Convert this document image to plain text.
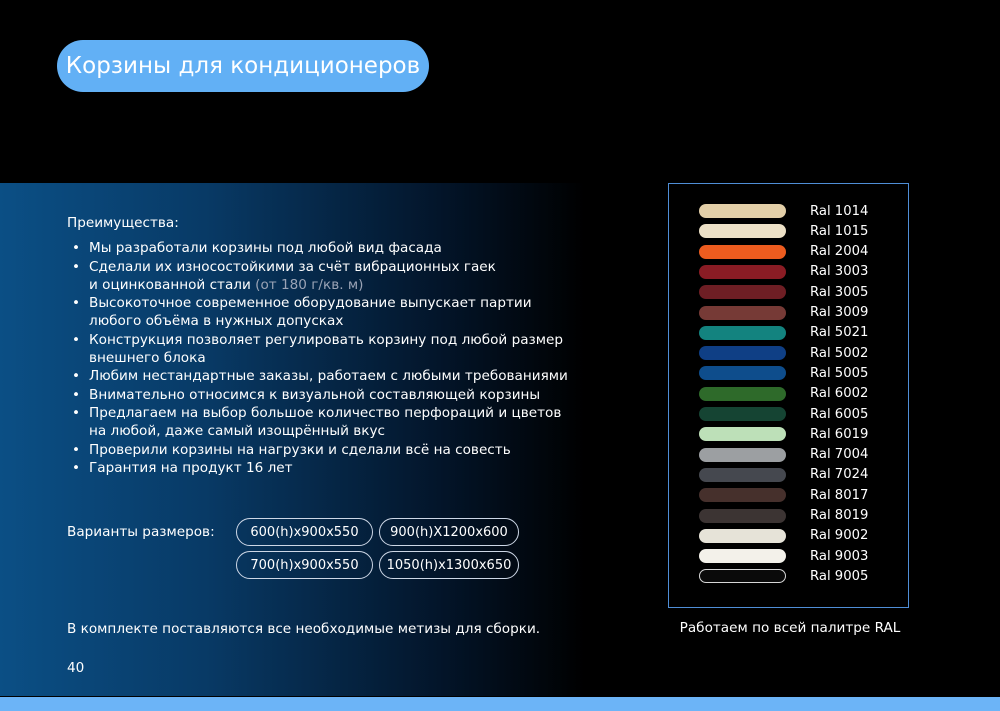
Корзины для кондиционеров
Преимущества:
• Мы разработали корзины под любой вид фасада
• Сделали их износостойкими за счёт вибрационных гаек
и оцинкованной стали (от 180 г/кв. м)
• Высокоточное современное оборудование выпускает партии
любого объёма в нужных допусках
• Конструкция позволяет регулировать корзину под любой размер
внешнего блока
• Любим нестандартные заказы, работаем с любыми требованиями
• Внимательно относимся к визуальной составляющей корзины
• Предлагаем на выбор большое количество перфораций и цветов
на любой, даже самый изощрённый вкус
• Проверили корзины на нагрузки и сделали всё на совесть
• Гарантия на продукт 16 лет
Варианты размеров:	600(h)x900x550	900(h)X1200x600
700(h)x900x550	1050(h)x1300x650
В комплекте поставляются все необходимые метизы для сборки.
40
Ral 1014
Ral 1015
Ral 2004
Ral 3003
Ral 3005
Ral 3009
Ral 5021
Ral 5002
Ral 5005
Ral 6002
Ral 6005
Ral 6019
Ral 7004
Ral 7024
Ral 8017
Ral 8019
Ral 9002
Ral 9003
Ral 9005
Работаем по всей палитре RAL
